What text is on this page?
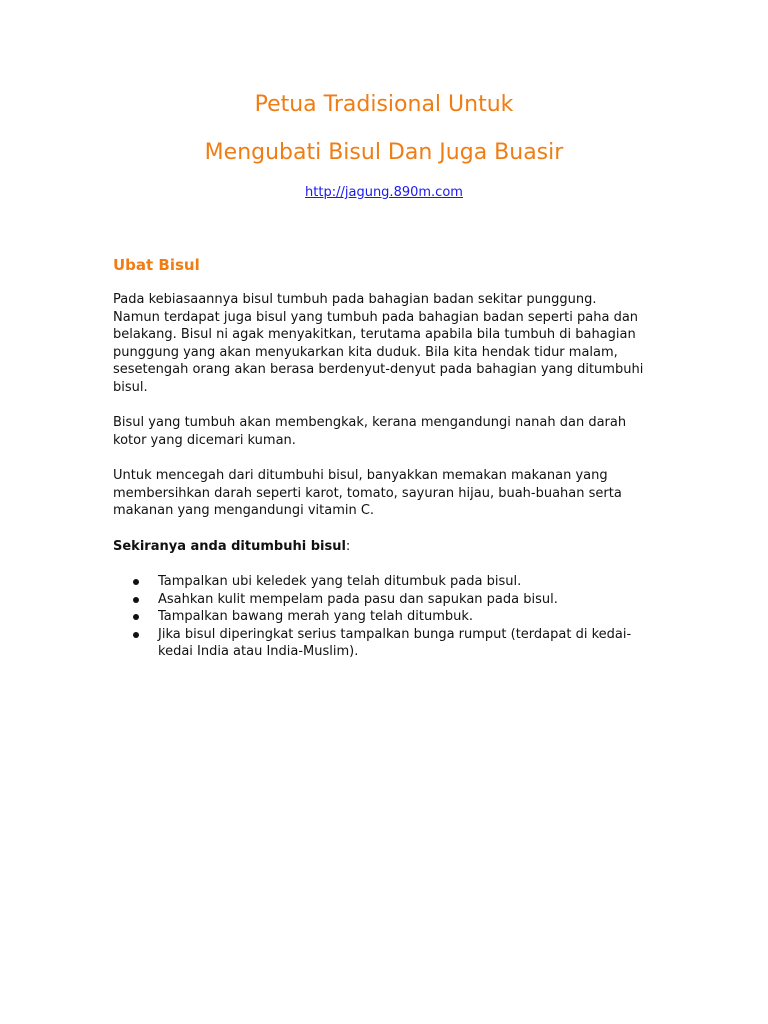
Petua Tradisional Untuk
Mengubati Bisul Dan Juga Buasir
http://jagung.890m.com
Ubat Bisul

Pada kebiasaannya bisul tumbuh pada bahagian badan sekitar punggung.
Namun terdapat juga bisul yang tumbuh pada bahagian badan seperti paha dan
belakang. Bisul ni agak menyakitkan, terutama apabila bila tumbuh di bahagian
punggung yang akan menyukarkan kita duduk. Bila kita hendak tidur malam,
sesetengah orang akan berasa berdenyut-denyut pada bahagian yang ditumbuhi
bisul.

Bisul yang tumbuh akan membengkak, kerana mengandungi nanah dan darah
kotor yang dicemari kuman.

Untuk mencegah dari ditumbuhi bisul, banyakkan memakan makanan yang
membersihkan darah seperti karot, tomato, sayuran hijau, buah-buahan serta
makanan yang mengandungi vitamin C.

Sekiranya anda ditumbuhi bisul:

Tampalkan ubi keledek yang telah ditumbuk pada bisul.
Asahkan kulit mempelam pada pasu dan sapukan pada bisul.
Tampalkan bawang merah yang telah ditumbuk.
Jika bisul diperingkat serius tampalkan bunga rumput (terdapat di kedai-
kedai India atau India-Muslim).
